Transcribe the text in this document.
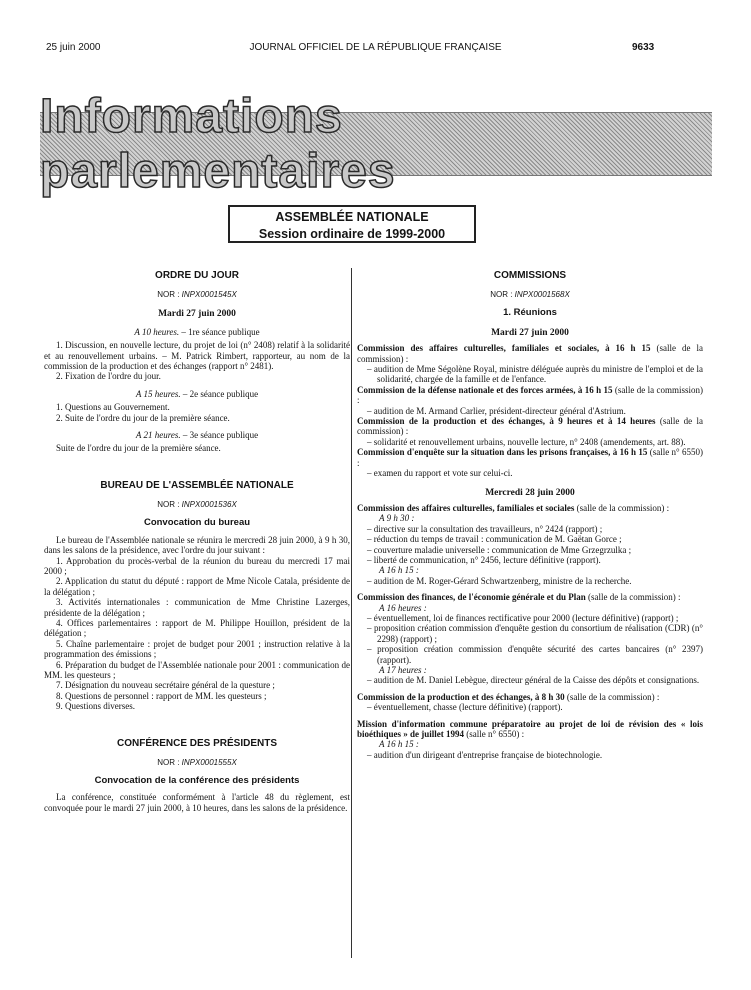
25 juin 2000	JOURNAL OFFICIEL DE LA RÉPUBLIQUE FRANÇAISE	9633
Informations parlementaires
ASSEMBLÉE NATIONALE
Session ordinaire de 1999-2000

ORDRE DU JOUR

NOR : INPX0001545X

Mardi 27 juin 2000

A 10 heures. – 1re séance publique

1. Discussion, en nouvelle lecture, du projet de loi (n° 2408) relatif à la solidarité et au renouvellement urbains. – M. Patrick Rimbert, rapporteur, au nom de la commission de la production et des échanges (rapport n° 2481).

2. Fixation de l'ordre du jour.

A 15 heures. – 2e séance publique

1. Questions au Gouvernement.

2. Suite de l'ordre du jour de la première séance.

A 21 heures. – 3e séance publique

Suite de l'ordre du jour de la première séance.

BUREAU DE L'ASSEMBLÉE NATIONALE

NOR : INPX0001536X

Convocation du bureau

Le bureau de l'Assemblée nationale se réunira le mercredi 28 juin 2000, à 9 h 30, dans les salons de la présidence, avec l'ordre du jour suivant :

1. Approbation du procès-verbal de la réunion du bureau du mercredi 17 mai 2000 ;

2. Application du statut du député : rapport de Mme Nicole Catala, présidente de la délégation ;

3. Activités internationales : communication de Mme Christine Lazerges, présidente de la délégation ;

4. Offices parlementaires : rapport de M. Philippe Houillon, président de la délégation ;

5. Chaîne parlementaire : projet de budget pour 2001 ; instruction relative à la programmation des émissions ;

6. Préparation du budget de l'Assemblée nationale pour 2001 : communication de MM. les questeurs ;

7. Désignation du nouveau secrétaire général de la questure ;

8. Questions de personnel : rapport de MM. les questeurs ;

9. Questions diverses.

CONFÉRENCE DES PRÉSIDENTS

NOR : INPX0001555X

Convocation de la conférence des présidents

La conférence, constituée conformément à l'article 48 du règlement, est convoquée pour le mardi 27 juin 2000, à 10 heures, dans les salons de la présidence.

COMMISSIONS

NOR : INPX0001568X

1. Réunions

Mardi 27 juin 2000

Commission des affaires culturelles, familiales et sociales, à 16 h 15 (salle de la commission) :

– audition de Mme Ségolène Royal, ministre déléguée auprès du ministre de l'emploi et de la solidarité, chargée de la famille et de l'enfance.

Commission de la défense nationale et des forces armées, à 16 h 15 (salle de la commission) :

– audition de M. Armand Carlier, président-directeur général d'Astrium.

Commission de la production et des échanges, à 9 heures et à 14 heures (salle de la commission) :

– solidarité et renouvellement urbains, nouvelle lecture, n° 2408 (amendements, art. 88).

Commission d'enquête sur la situation dans les prisons françaises, à 16 h 15 (salle n° 6550) :

– examen du rapport et vote sur celui-ci.

Mercredi 28 juin 2000

Commission des affaires culturelles, familiales et sociales (salle de la commission) :

A 9 h 30 :

– directive sur la consultation des travailleurs, n° 2424 (rapport) ;

– réduction du temps de travail : communication de M. Gaëtan Gorce ;

– couverture maladie universelle : communication de Mme Grzegrzulka ;

– liberté de communication, n° 2456, lecture définitive (rapport).

A 16 h 15 :

– audition de M. Roger-Gérard Schwartzenberg, ministre de la recherche.

Commission des finances, de l'économie générale et du Plan (salle de la commission) :

A 16 heures :

– éventuellement, loi de finances rectificative pour 2000 (lecture définitive) (rapport) ;

– proposition création commission d'enquête gestion du consortium de réalisation (CDR) (n° 2298) (rapport) ;

– proposition création commission d'enquête sécurité des cartes bancaires (n° 2397) (rapport).

A 17 heures :

– audition de M. Daniel Lebègue, directeur général de la Caisse des dépôts et consignations.

Commission de la production et des échanges, à 8 h 30 (salle de la commission) :

– éventuellement, chasse (lecture définitive) (rapport).

Mission d'information commune préparatoire au projet de loi de révision des « lois bioéthiques » de juillet 1994 (salle n° 6550) :

A 16 h 15 :

– audition d'un dirigeant d'entreprise française de biotechnologie.
